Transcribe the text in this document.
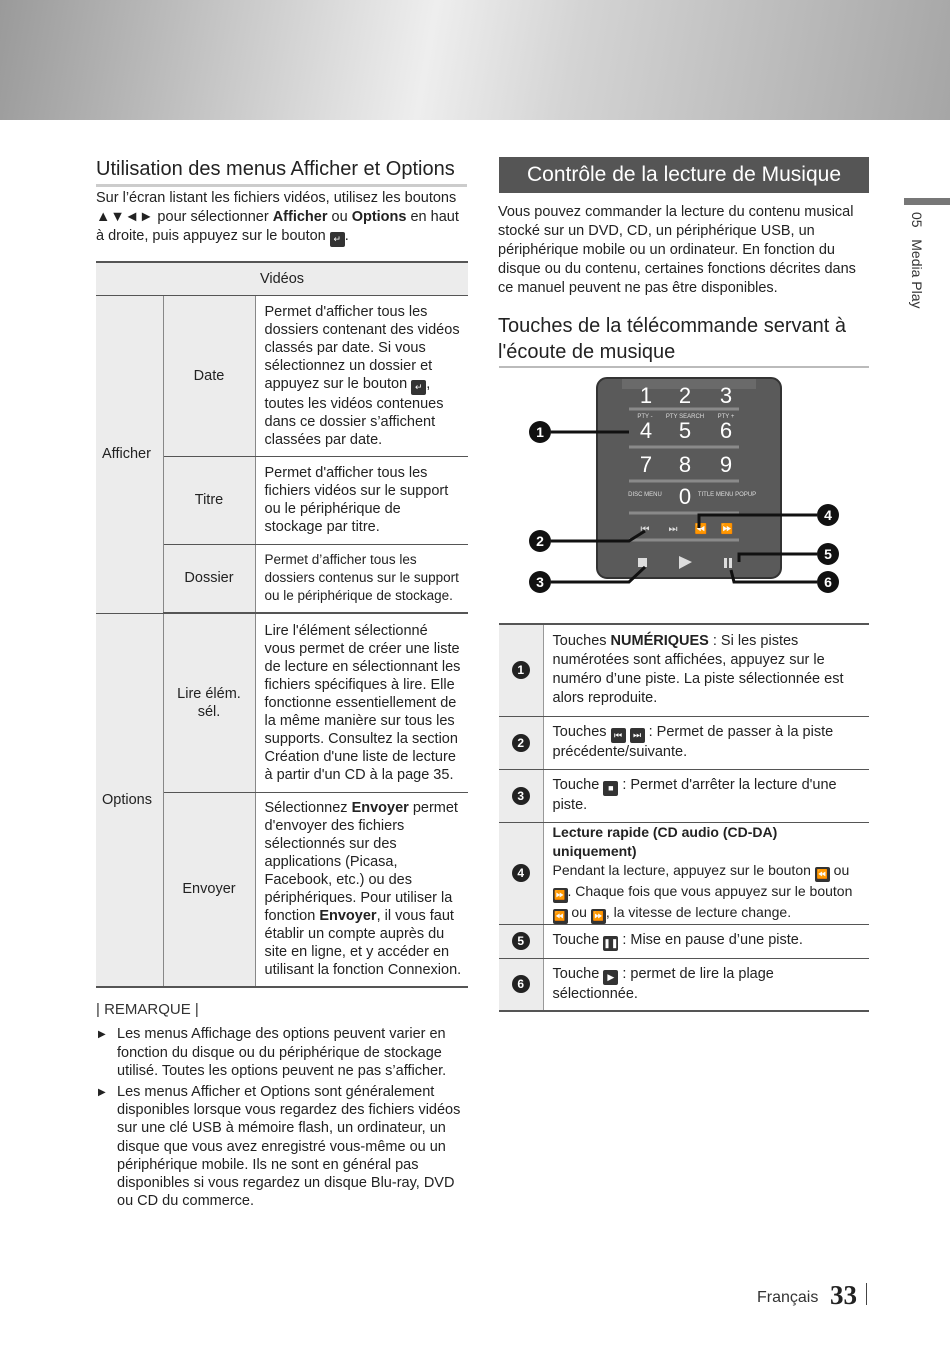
Utilisation des menus Afficher et Options
Sur l’écran listant les fichiers vidéos, utilisez les boutons
▲▼◄► pour sélectionner Afficher ou Options en haut
à droite, puis appuyez sur le bouton ↵ .
Vidéos		
Afficher	Date	Permet d'afficher tous les dossiers contenant des vidéos classés par date. Si vous sélectionnez un dossier et appuyez sur le bouton ↵ , toutes les vidéos contenues dans ce dossier s’affichent classées par date.
	Titre	Permet d'afficher tous les fichiers vidéos sur le support ou le périphérique de stockage par titre.
	Dossier	Permet d’afficher tous les dossiers contenus sur le support ou le périphérique de stockage.
Options	Lire élém. sél.	Lire l'élément sélectionné vous permet de créer une liste de lecture en sélectionnant les fichiers spécifiques à lire. Elle fonctionne essentiellement de la même manière sur tous les supports. Consultez la section Création d'une liste de lecture à partir d'un CD à la page 35.
	Envoyer	Sélectionnez Envoyer permet d'envoyer des fichiers sélectionnés sur des applications (Picasa, Facebook, etc.) ou des périphériques. Pour utiliser la fonction Envoyer, il vous faut établir un compte auprès du site en ligne, et y accéder en utilisant la fonction Connexion.
| REMARQUE |
▶ Les menus Affichage des options peuvent varier en fonction du disque ou du périphérique de stockage utilisé. Toutes les options peuvent ne pas s’afficher.
▶ Les menus Afficher et Options sont généralement disponibles lorsque vous regardez des fichiers vidéos sur une clé USB à mémoire flash, un ordinateur, un disque que vous avez enregistré vous-même ou un périphérique mobile. Ils ne sont en général pas disponibles si vous regardez un disque Blu-ray, DVD ou CD du commerce.
Contrôle de la lecture de Musique
Vous pouvez commander la lecture du contenu musical stocké sur un DVD, CD, un périphérique USB, un périphérique mobile ou un ordinateur. En fonction du disque ou du contenu, certaines fonctions décrites dans ce manuel peuvent ne pas être disponibles.
Touches de la télécommande servant à l'écoute de musique
1 2 3
PTY - PTY SEARCH PTY +
4 5 6
7 8 9
DISC MENU 0 TITLE MENU POPUP
⏮ ⏭ ⏪ ⏩
1
2
3
4
5
6
1	Touches NUMÉRIQUES : Si les pistes numérotées sont affichées, appuyez sur le numéro d’une piste. La piste sélectionnée est alors reproduite.
2	Touches ⏮ ⏭ : Permet de passer à la piste précédente/suivante.
3	Touche ■ : Permet d'arrêter la lecture d'une piste.
4	Lecture rapide (CD audio (CD-DA) uniquement)
Pendant la lecture, appuyez sur le bouton ⏪ ou ⏩ . Chaque fois que vous appuyez sur le bouton ⏪ ou ⏩ , la vitesse de lecture change.
5	Touche ❚❚ : Mise en pause d’une piste.
6	Touche ▶ : permet de lire la plage sélectionnée.
05   Media Play
Français 33
